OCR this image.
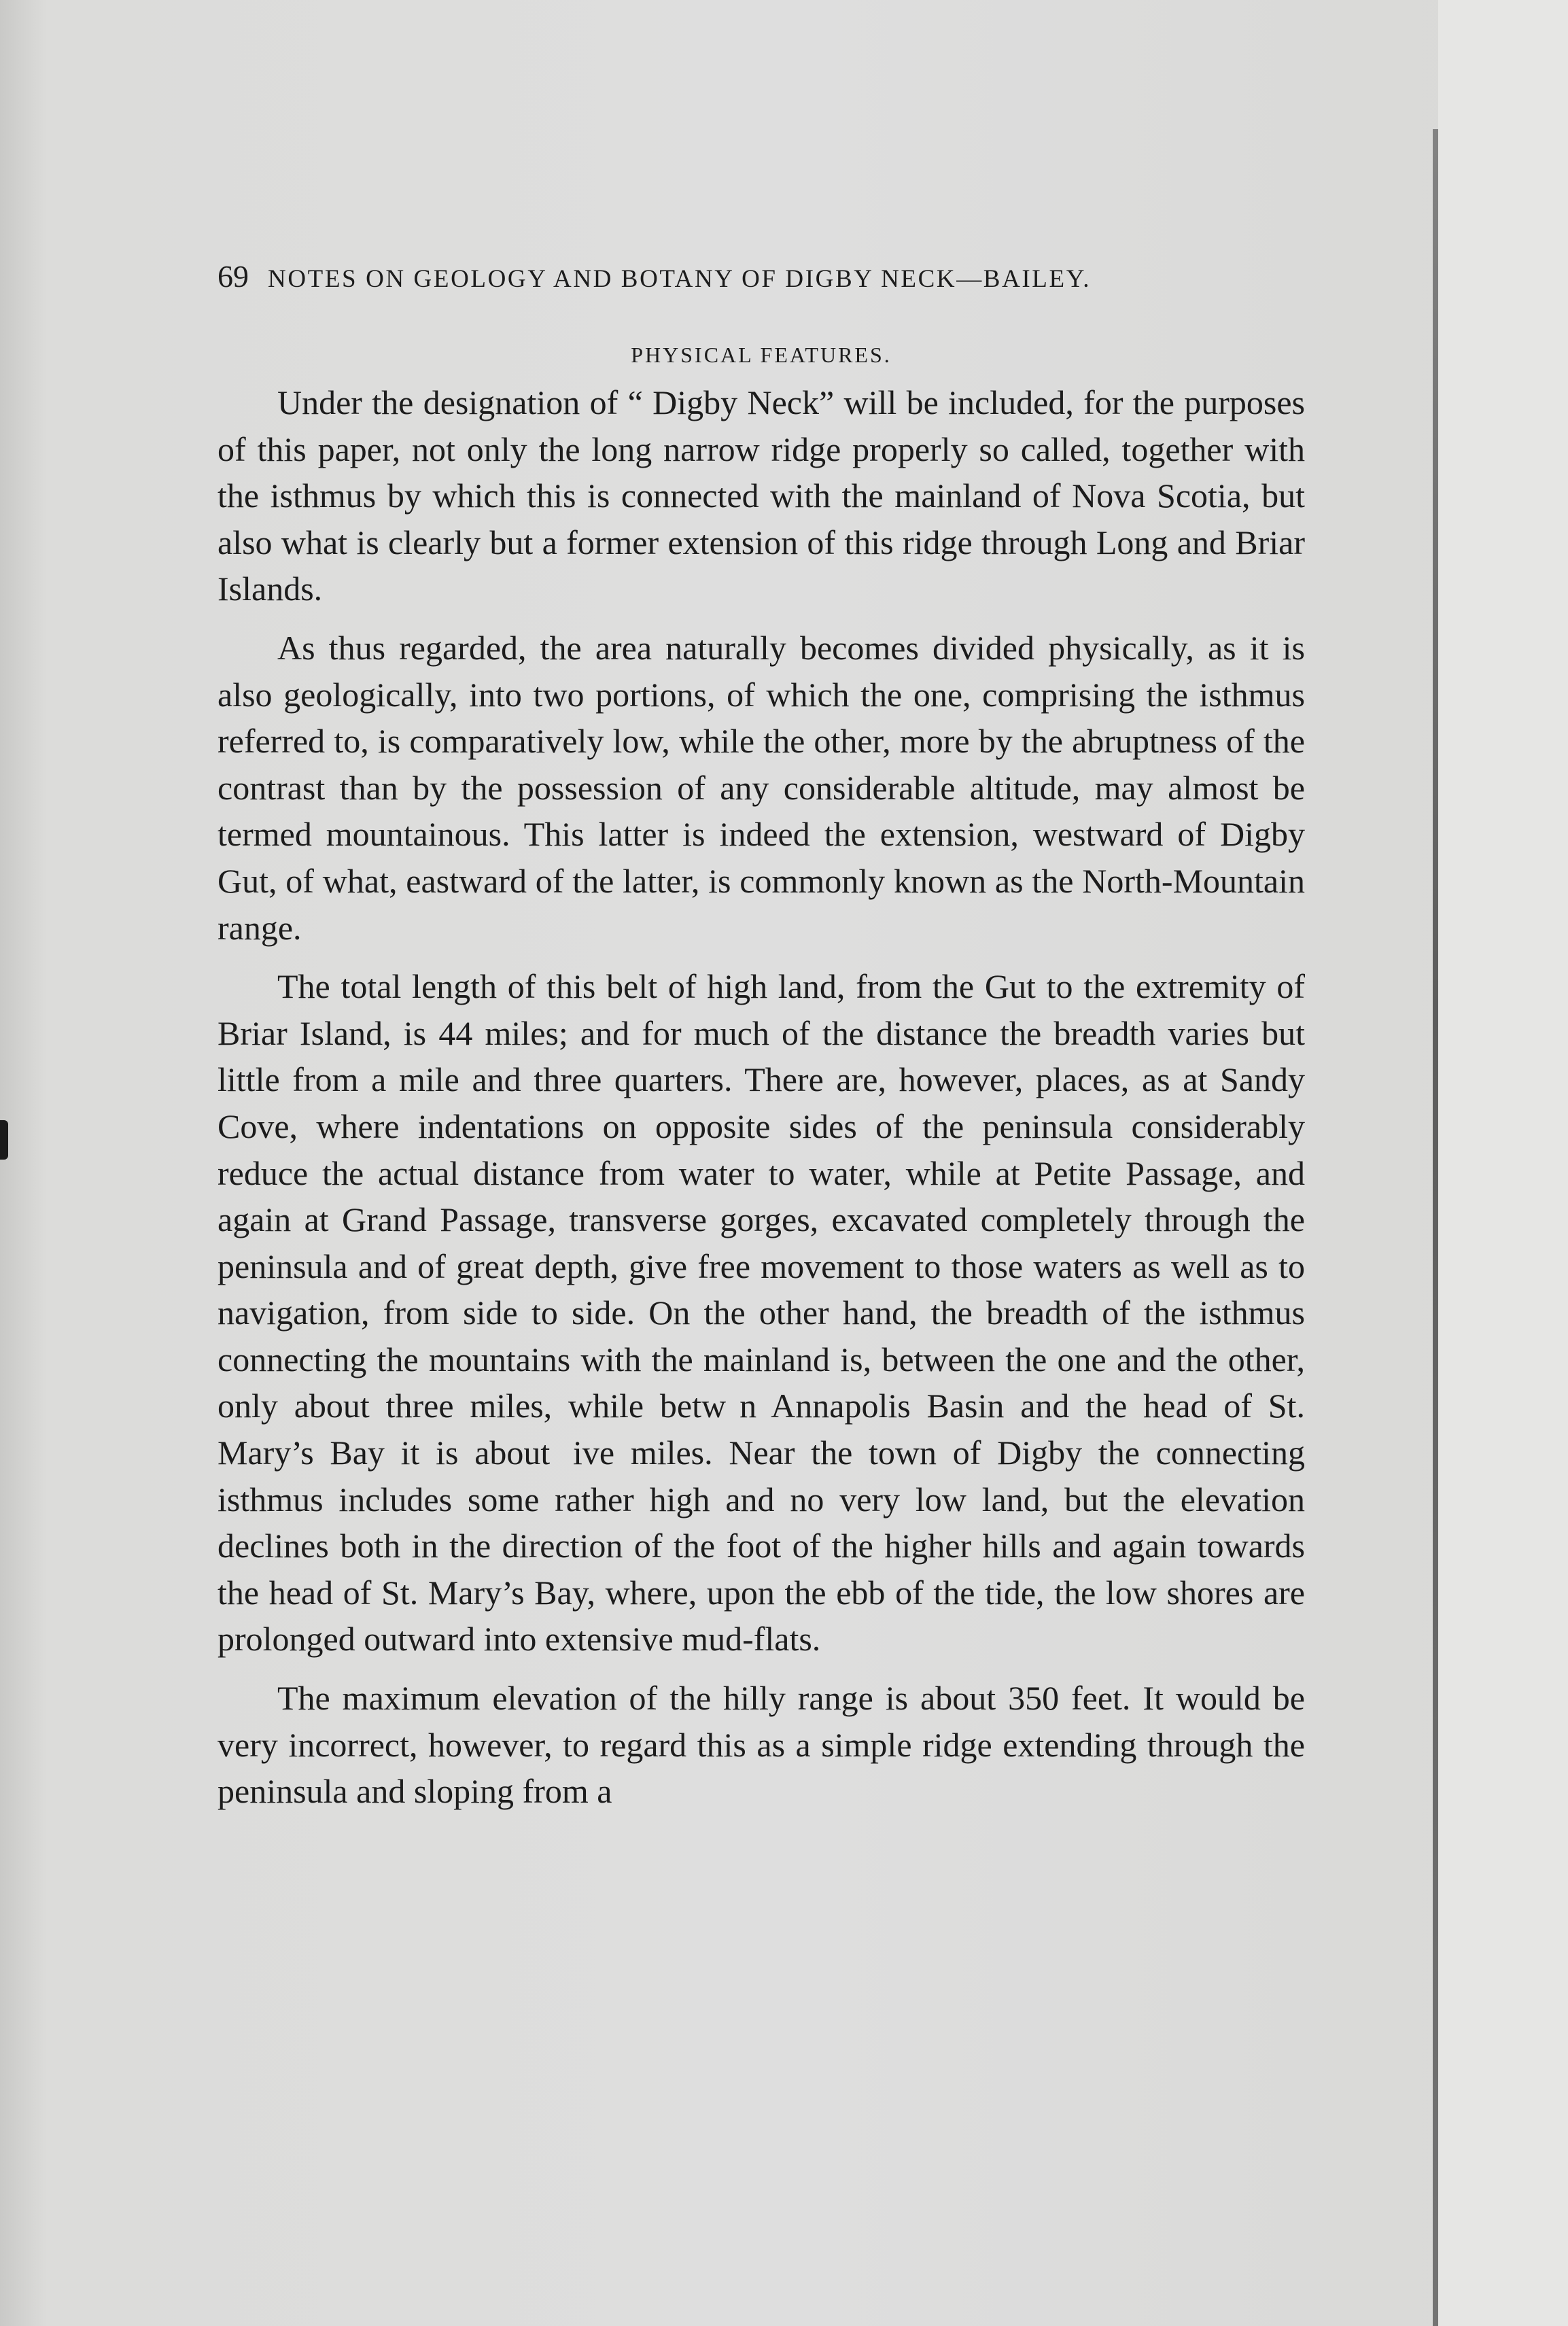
69 NOTES ON GEOLOGY AND BOTANY OF DIGBY NECK—BAILEY.
PHYSICAL FEATURES.

Under the designation of “ Digby Neck” will be included, for the purposes of this paper, not only the long narrow ridge properly so called, together with the isthmus by which this is connected with the mainland of Nova Scotia, but also what is clearly but a former extension of this ridge through Long and Briar Islands.

As thus regarded, the area naturally becomes divided physically, as it is also geologically, into two portions, of which the one, comprising the isthmus referred to, is comparatively low, while the other, more by the abruptness of the contrast than by the possession of any considerable altitude, may almost be termed mountainous. This latter is indeed the extension, westward of Digby Gut, of what, eastward of the latter, is commonly known as the North-Mountain range.

The total length of this belt of high land, from the Gut to the extremity of Briar Island, is 44 miles; and for much of the distance the breadth varies but little from a mile and three quarters. There are, however, places, as at Sandy Cove, where indentations on opposite sides of the peninsula considerably reduce the actual distance from water to water, while at Petite Passage, and again at Grand Passage, transverse gorges, excavated completely through the peninsula and of great depth, give free movement to those waters as well as to navigation, from side to side. On the other hand, the breadth of the isthmus connecting the mountains with the mainland is, between the one and the other, only about three miles, while betw  n Annapolis Basin and the head of St. Mary’s Bay it is about  ive miles. Near the town of Digby the connecting isthmus includes some rather high and no very low land, but the elevation declines both in the direction of the foot of the higher hills and again towards the head of St. Mary’s Bay, where, upon the ebb of the tide, the low shores are prolonged outward into extensive mud-flats.

The maximum elevation of the hilly range is about 350 feet. It would be very incorrect, however, to regard this as a simple ridge extending through the peninsula and sloping from a
